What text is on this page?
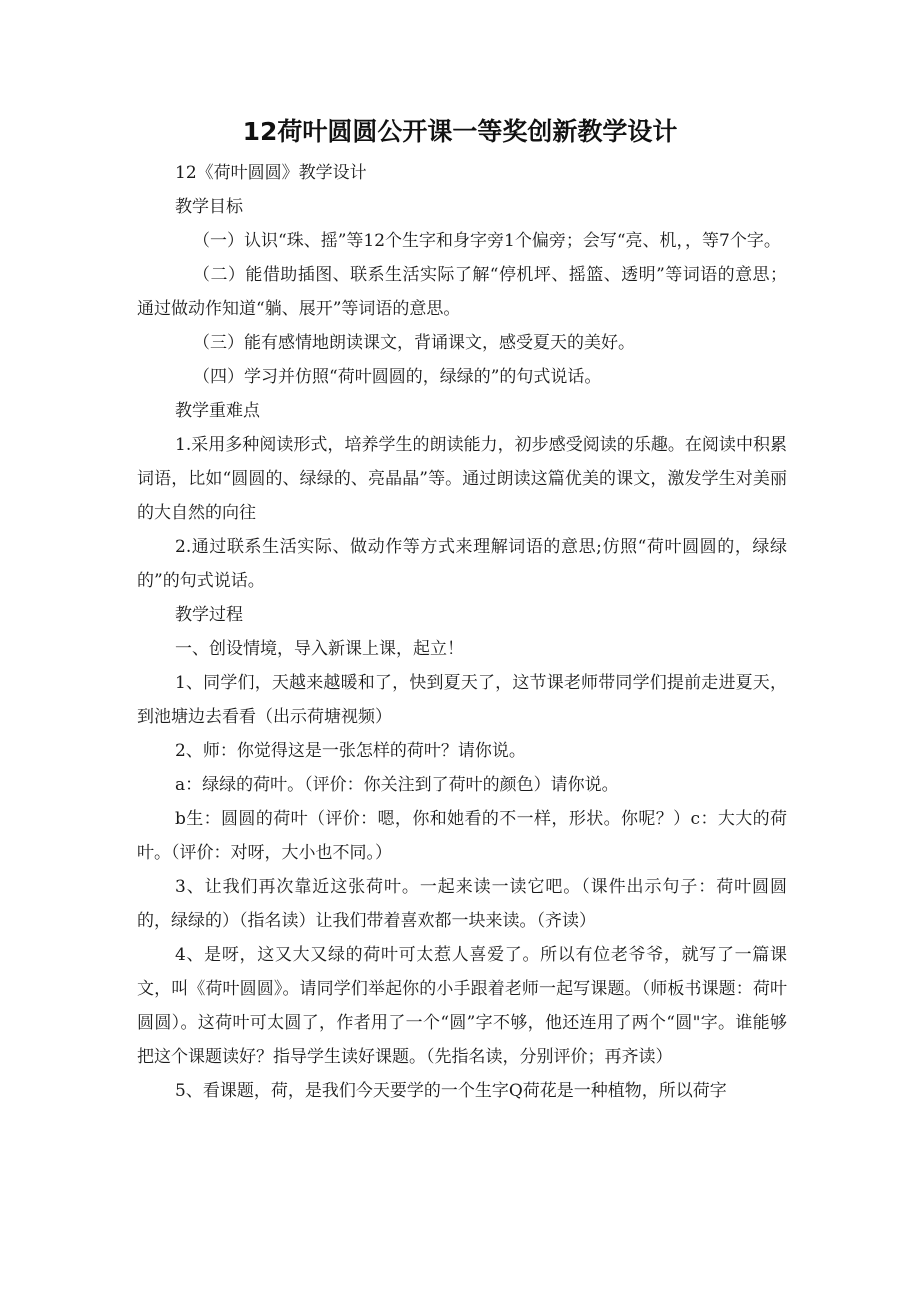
12荷叶圆圆公开课一等奖创新教学设计

12《荷叶圆圆》教学设计

教学目标

（一）认识“珠、摇”等12个生字和身字旁1个偏旁；会写“亮、机，，等7个字。

（二）能借助插图、联系生活实际了解“停机坪、摇篮、透明”等词语的意思；通过做动作知道“躺、展开”等词语的意思。

（三）能有感情地朗读课文，背诵课文，感受夏天的美好。

（四）学习并仿照“荷叶圆圆的，绿绿的”的句式说话。

教学重难点

1.采用多种阅读形式，培养学生的朗读能力，初步感受阅读的乐趣。在阅读中积累词语，比如“圆圆的、绿绿的、亮晶晶”等。通过朗读这篇优美的课文，激发学生对美丽的大自然的向往

2.通过联系生活实际、做动作等方式来理解词语的意思;仿照“荷叶圆圆的，绿绿的”的句式说话。

教学过程

一、创设情境，导入新课上课，起立！

1、同学们，天越来越暖和了，快到夏天了，这节课老师带同学们提前走进夏天，到池塘边去看看（出示荷塘视频）

2、师：你觉得这是一张怎样的荷叶？请你说。

a：绿绿的荷叶。（评价：你关注到了荷叶的颜色）请你说。

b生：圆圆的荷叶（评价：嗯，你和她看的不一样，形状。你呢？）c：大大的荷叶。（评价：对呀，大小也不同。）

3、让我们再次靠近这张荷叶。一起来读一读它吧。（课件出示句子：荷叶圆圆的，绿绿的）（指名读）让我们带着喜欢都一块来读。（齐读）

4、是呀，这又大又绿的荷叶可太惹人喜爱了。所以有位老爷爷，就写了一篇课文，叫《荷叶圆圆》。请同学们举起你的小手跟着老师一起写课题。（师板书课题：荷叶圆圆）。这荷叶可太圆了，作者用了一个“圆”字不够，他还连用了两个“圆"字。谁能够把这个课题读好？指导学生读好课题。（先指名读，分别评价；再齐读）

5、看课题，荷，是我们今天要学的一个生字Q荷花是一种植物，所以荷字
